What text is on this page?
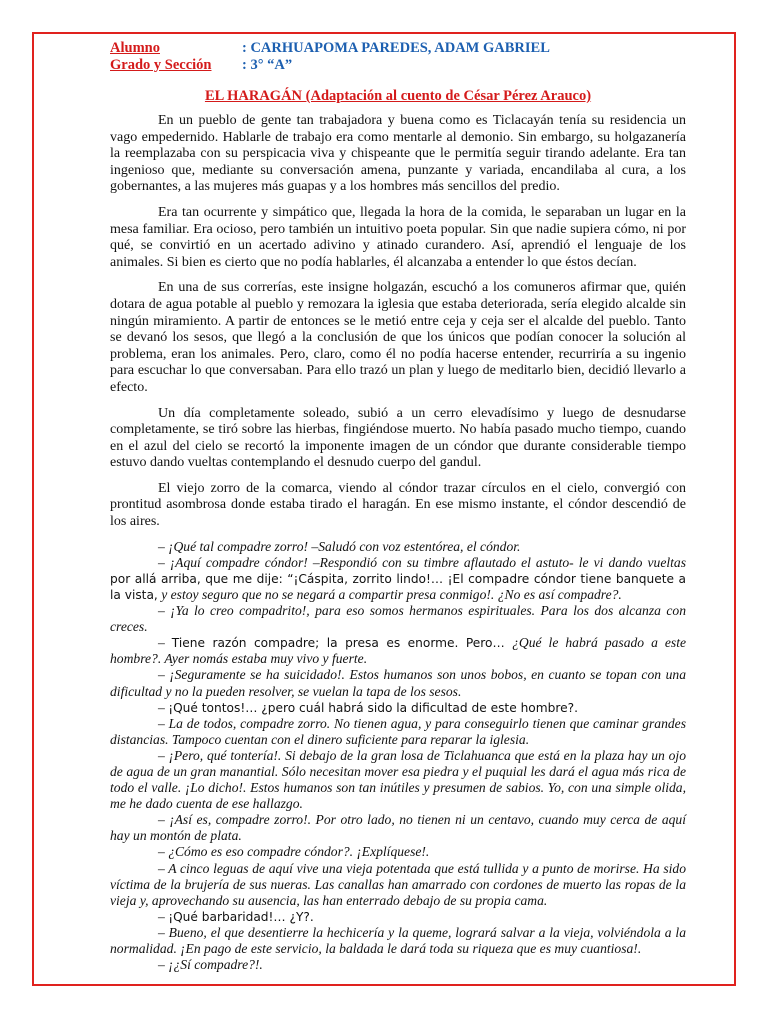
Alumno	: CARHUAPOMA PAREDES, ADAM GABRIEL
Grado y Sección	: 3° “A”
EL HARAGÁN (Adaptación al cuento de César Pérez Arauco)

En un pueblo de gente tan trabajadora y buena como es Ticlacayán tenía su residencia un vago empedernido. Hablarle de trabajo era como mentarle al demonio. Sin embargo, su holgazanería la reemplazaba con su perspicacia viva y chispeante que le permitía seguir tirando adelante. Era tan ingenioso que, mediante su conversación amena, punzante y variada, encandilaba al cura, a los gobernantes, a las mujeres más guapas y a los hombres más sencillos del predio.

Era tan ocurrente y simpático que, llegada la hora de la comida, le separaban un lugar en la mesa familiar. Era ocioso, pero también un intuitivo poeta popular. Sin que nadie supiera cómo, ni por qué, se convirtió en un acertado adivino y atinado curandero. Así, aprendió el lenguaje de los animales. Si bien es cierto que no podía hablarles, él alcanzaba a entender lo que éstos decían.

En una de sus correrías, este insigne holgazán, escuchó a los comuneros afirmar que, quién dotara de agua potable al pueblo y remozara la iglesia que estaba deteriorada, sería elegido alcalde sin ningún miramiento. A partir de entonces se le metió entre ceja y ceja ser el alcalde del pueblo. Tanto se devanó los sesos, que llegó a la conclusión de que los únicos que podían conocer la solución al problema, eran los animales. Pero, claro, como él no podía hacerse entender, recurriría a su ingenio para escuchar lo que conversaban. Para ello trazó un plan y luego de meditarlo bien, decidió llevarlo a efecto.

Un día completamente soleado, subió a un cerro elevadísimo y luego de desnudarse completamente, se tiró sobre las hierbas, fingiéndose muerto. No había pasado mucho tiempo, cuando en el azul del cielo se recortó la imponente imagen de un cóndor que durante considerable tiempo estuvo dando vueltas contemplando el desnudo cuerpo del gandul.

El viejo zorro de la comarca, viendo al cóndor trazar círculos en el cielo, convergió con prontitud asombrosa donde estaba tirado el haragán. En ese mismo instante, el cóndor descendió de los aires.

– ¡Qué tal compadre zorro! –Saludó con voz estentórea, el cóndor.

– ¡Aquí compadre cóndor! –Respondió con su timbre aflautado el astuto- le vi dando vueltas por allá arriba, que me dije: “¡Cáspita, zorrito lindo!… ¡El compadre cóndor tiene banquete a la vista, y estoy seguro que no se negará a compartir presa conmigo!. ¿No es así compadre?.

– ¡Ya lo creo compadrito!, para eso somos hermanos espirituales. Para los dos alcanza con creces.

– Tiene razón compadre; la presa es enorme. Pero… ¿Qué le habrá pasado a este hombre?. Ayer nomás estaba muy vivo y fuerte.

– ¡Seguramente se ha suicidado!. Estos humanos son unos bobos, en cuanto se topan con una dificultad y no la pueden resolver, se vuelan la tapa de los sesos.

– ¡Qué tontos!… ¿pero cuál habrá sido la dificultad de este hombre?.

– La de todos, compadre zorro. No tienen agua, y para conseguirlo tienen que caminar grandes distancias. Tampoco cuentan con el dinero suficiente para reparar la iglesia.

– ¡Pero, qué tontería!. Si debajo de la gran losa de Ticlahuanca que está en la plaza hay un ojo de agua de un gran manantial. Sólo necesitan mover esa piedra y el puquial les dará el agua más rica de todo el valle. ¡Lo dicho!. Estos humanos son tan inútiles y presumen de sabios. Yo, con una simple olida, me he dado cuenta de ese hallazgo.

– ¡Así es, compadre zorro!. Por otro lado, no tienen ni un centavo, cuando muy cerca de aquí hay un montón de plata.

– ¿Cómo es eso compadre cóndor?. ¡Explíquese!.

– A cinco leguas de aquí vive una vieja potentada que está tullida y a punto de morirse. Ha sido víctima de la brujería de sus nueras. Las canallas han amarrado con cordones de muerto las ropas de la vieja y, aprovechando su ausencia, las han enterrado debajo de su propia cama.

– ¡Qué barbaridad!… ¿Y?.

– Bueno, el que desentierre la hechicería y la queme, logrará salvar a la vieja, volviéndola a la normalidad. ¡En pago de este servicio, la baldada le dará toda su riqueza que es muy cuantiosa!.

– ¡¿Sí compadre?!.
